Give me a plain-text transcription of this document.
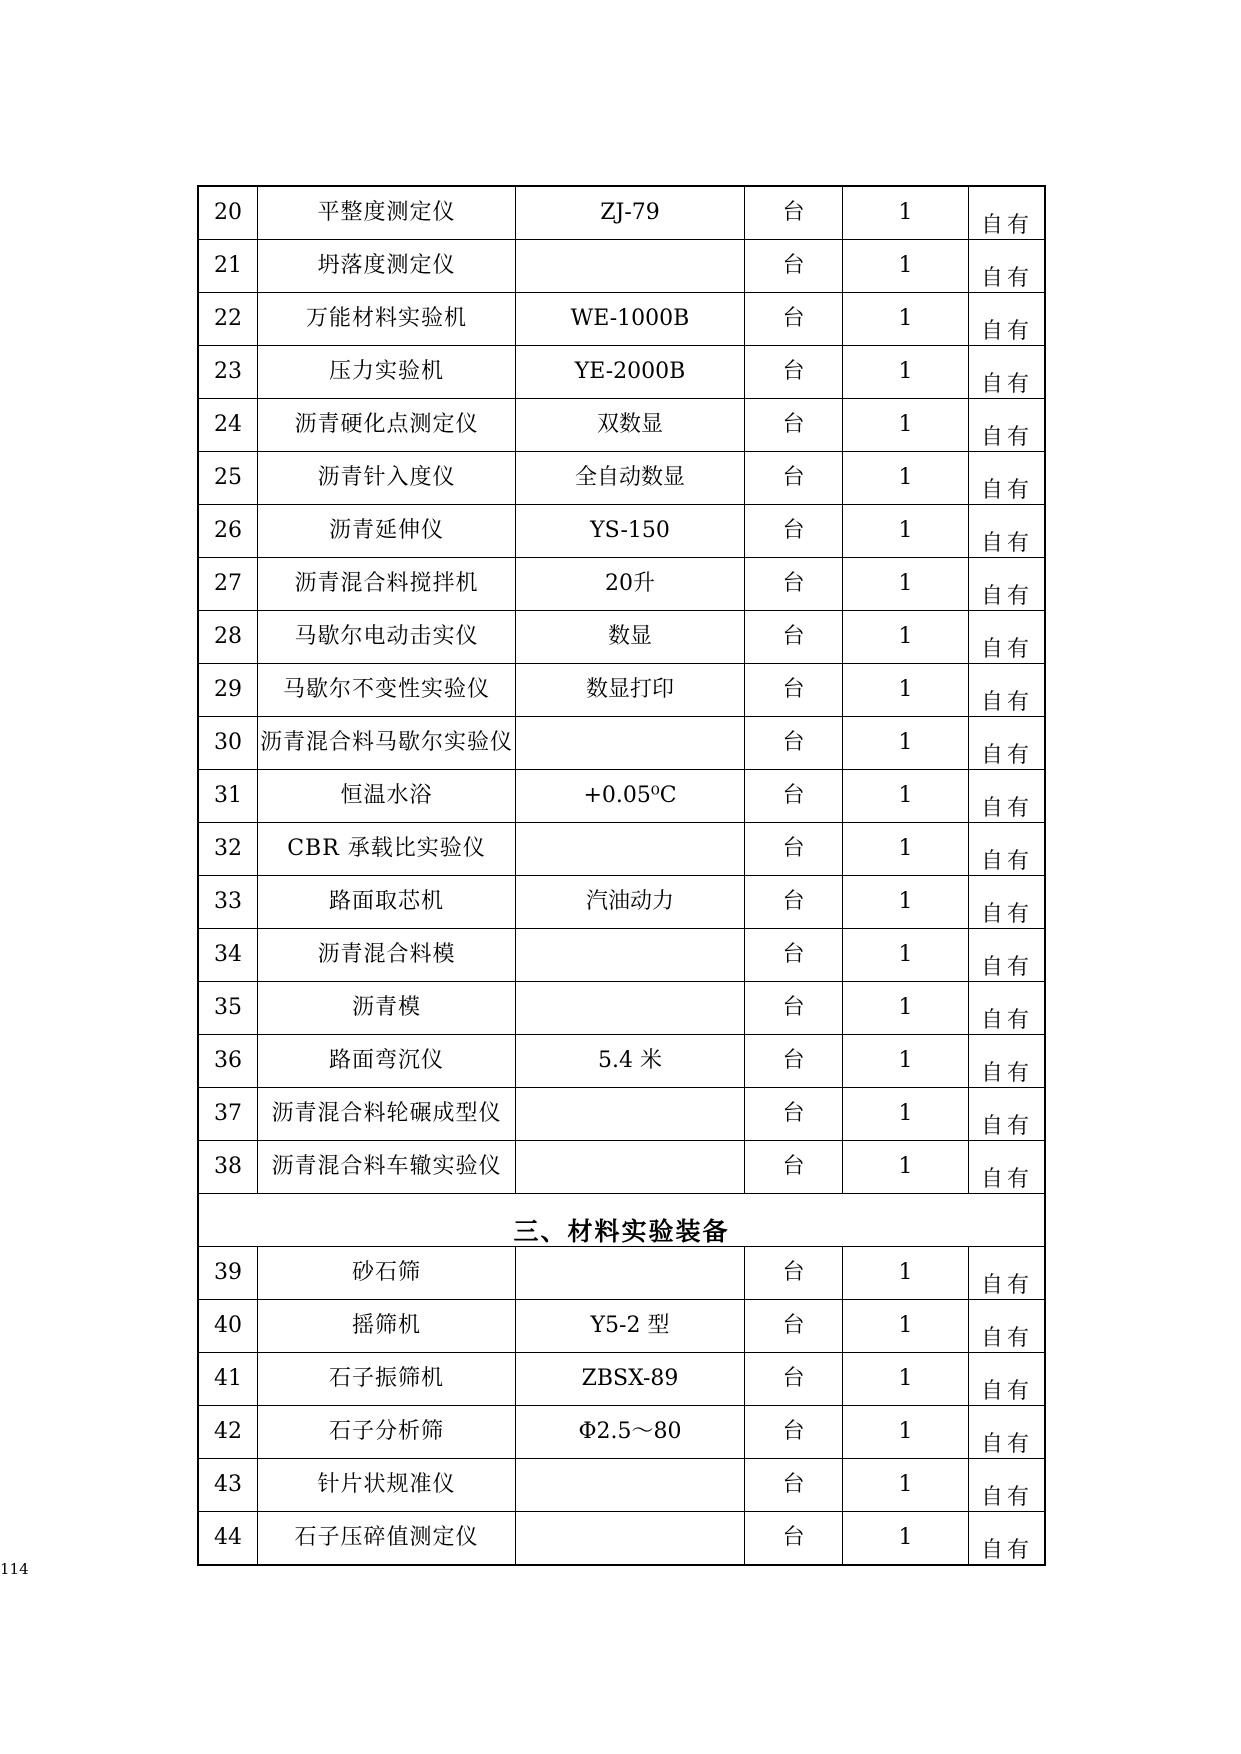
20	平整度测定仪	ZJ-79	台	1	自有
21	坍落度测定仪		台	1	自有
22	万能材料实验机	WE-1000B	台	1	自有
23	压力实验机	YE-2000B	台	1	自有
24	沥青硬化点测定仪	双数显	台	1	自有
25	沥青针入度仪	全自动数显	台	1	自有
26	沥青延伸仪	YS-150	台	1	自有
27	沥青混合料搅拌机	20升	台	1	自有
28	马歇尔电动击实仪	数显	台	1	自有
29	马歇尔不变性实验仪	数显打印	台	1	自有
30	沥青混合料马歇尔实验仪		台	1	自有
31	恒温水浴	+0.05⁰C	台	1	自有
32	CBR 承载比实验仪		台	1	自有
33	路面取芯机	汽油动力	台	1	自有
34	沥青混合料模		台	1	自有
35	沥青模		台	1	自有
36	路面弯沉仪	5.4 米	台	1	自有
37	沥青混合料轮碾成型仪		台	1	自有
38	沥青混合料车辙实验仪		台	1	自有
三、材料实验装备					
39	砂石筛		台	1	自有
40	摇筛机	Y5-2 型	台	1	自有
41	石子振筛机	ZBSX-89	台	1	自有
42	石子分析筛	Φ2.5～80	台	1	自有
43	针片状规准仪		台	1	自有
44	石子压碎值测定仪		台	1	自有
114
